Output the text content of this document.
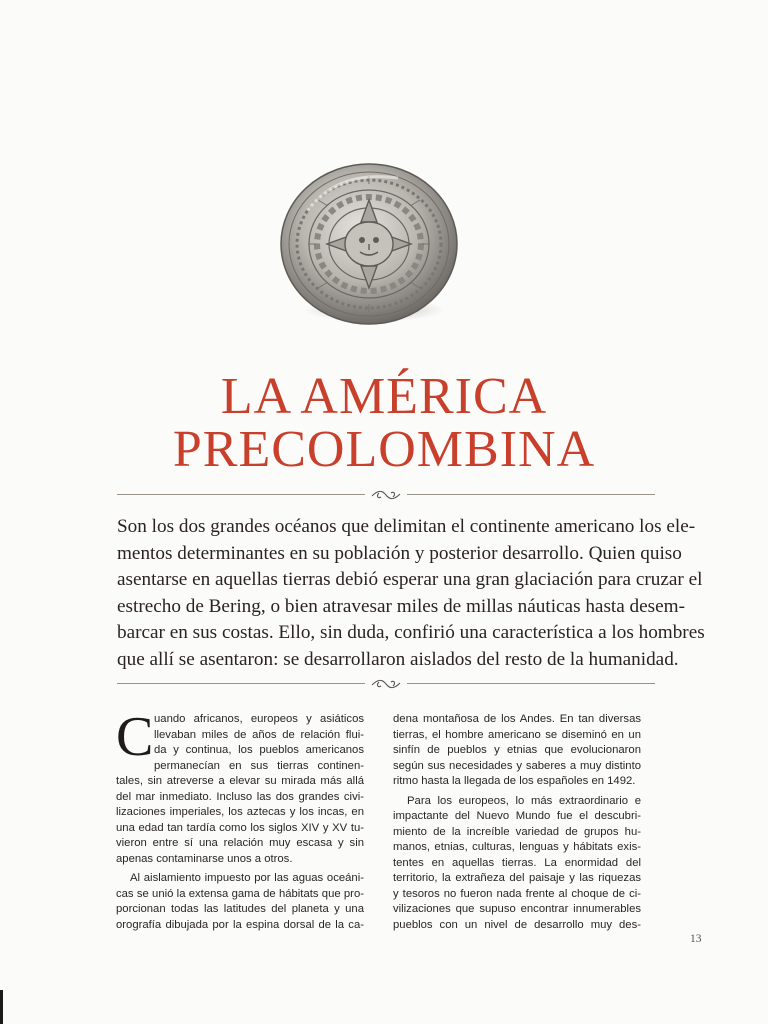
LA AMÉRICA
PRECOLOMBINA
Son los dos grandes océanos que delimitan el continente americano los ele-
mentos determinantes en su población y posterior desarrollo. Quien quiso
asentarse en aquellas tierras debió esperar una gran glaciación para cruzar el
estrecho de Bering, o bien atravesar miles de millas náuticas hasta desem-
barcar en sus costas. Ello, sin duda, confirió una característica a los hombres
que allí se asentaron: se desarrollaron aislados del resto de la humanidad.
C uando africanos, europeos y asiáticos
llevaban miles de años de relación flui-
da y continua, los pueblos americanos
permanecían en sus tierras continen-
tales, sin atreverse a elevar su mirada más allá
del mar inmediato. Incluso las dos grandes civi-
lizaciones imperiales, los aztecas y los incas, en
una edad tan tardía como los siglos XIV y XV tu-
vieron entre sí una relación muy escasa y sin
apenas contaminarse unos a otros.
Al aislamiento impuesto por las aguas oceáni-
cas se unió la extensa gama de hábitats que pro-
porcionan todas las latitudes del planeta y una
orografía dibujada por la espina dorsal de la ca-
dena montañosa de los Andes. En tan diversas
tierras, el hombre americano se diseminó en un
sinfín de pueblos y etnias que evolucionaron
según sus necesidades y saberes a muy distinto
ritmo hasta la llegada de los españoles en 1492.
Para los europeos, lo más extraordinario e
impactante del Nuevo Mundo fue el descubri-
miento de la increíble variedad de grupos hu-
manos, etnias, culturas, lenguas y hábitats exis-
tentes en aquellas tierras. La enormidad del
territorio, la extrañeza del paisaje y las riquezas
y tesoros no fueron nada frente al choque de ci-
vilizaciones que supuso encontrar innumerables
pueblos con un nivel de desarrollo muy des-
13
